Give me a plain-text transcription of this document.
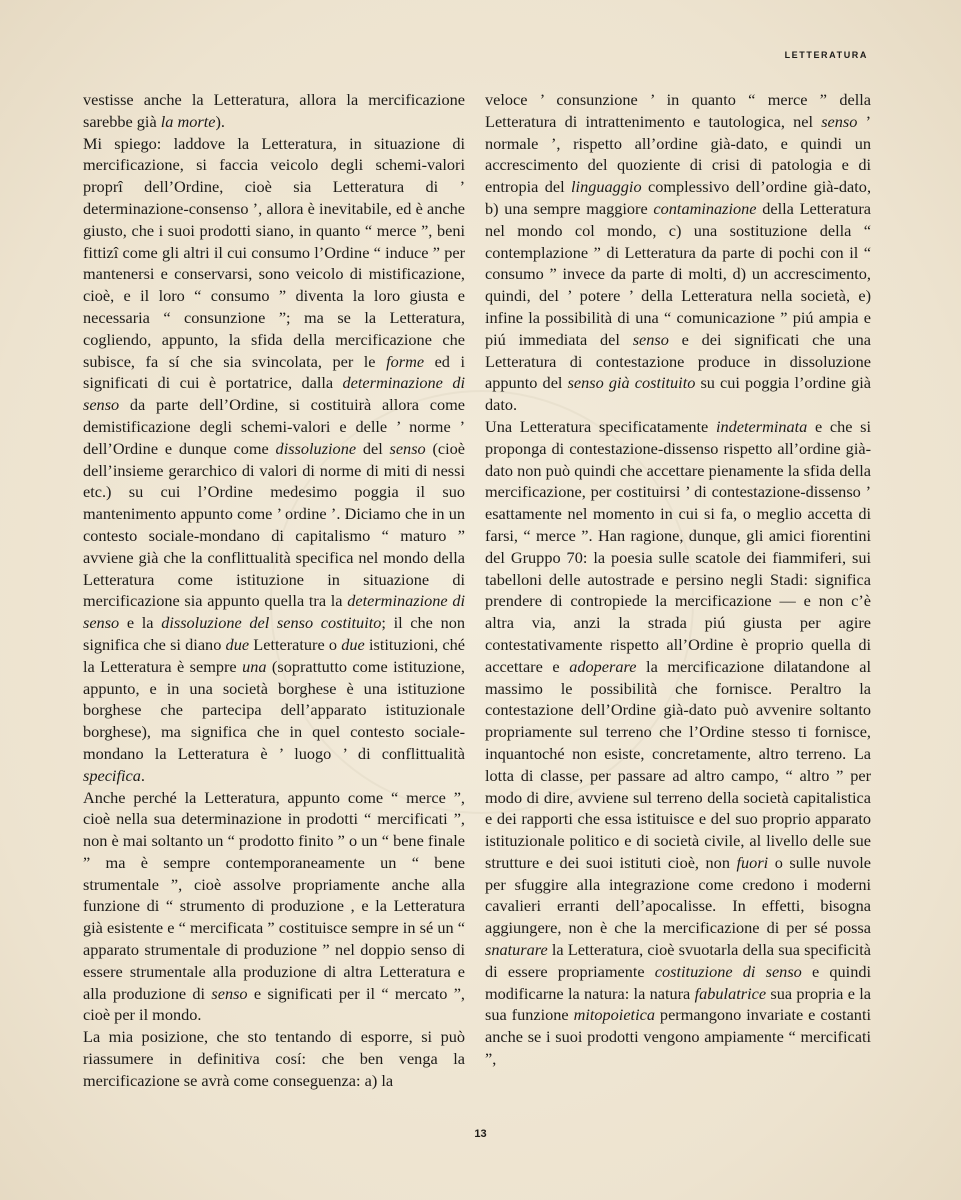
LETTERATURA

vestisse anche la Letteratura, allora la mercificazione sarebbe già la morte).

Mi spiego: laddove la Letteratura, in situazione di mercificazione, si faccia veicolo degli schemi-valori proprî dell’Ordine, cioè sia Letteratura di ’ determinazione-consenso ’, allora è inevitabile, ed è anche giusto, che i suoi prodotti siano, in quanto “ merce ”, beni fittizî come gli altri il cui consumo l’Ordine “ induce ” per mantenersi e conservarsi, sono veicolo di mistificazione, cioè, e il loro “ consumo ” diventa la loro giusta e necessaria “ consunzione ”; ma se la Letteratura, cogliendo, appunto, la sfida della mercificazione che subisce, fa sí che sia svincolata, per le forme ed i significati di cui è portatrice, dalla determinazione di senso da parte dell’Ordine, si costituirà allora come demistificazione degli schemi-valori e delle ’ norme ’ dell’Ordine e dunque come dissoluzione del senso (cioè dell’insieme gerarchico di valori di norme di miti di nessi etc.) su cui l’Ordine medesimo poggia il suo mantenimento appunto come ’ ordine ’. Diciamo che in un contesto sociale-mondano di capitalismo “ maturo ” avviene già che la conflittualità specifica nel mondo della Letteratura come istituzione in situazione di mercificazione sia appunto quella tra la determinazione di senso e la dissoluzione del senso costituito; il che non significa che si diano due Letterature o due istituzioni, ché la Letteratura è sempre una (soprattutto come istituzione, appunto, e in una società borghese è una istituzione borghese che partecipa dell’apparato istituzionale borghese), ma significa che in quel contesto sociale-mondano la Letteratura è ’ luogo ’ di conflittualità specifica.

Anche perché la Letteratura, appunto come “ merce ”, cioè nella sua determinazione in prodotti “ mercificati ”, non è mai soltanto un “ prodotto finito ” o un “ bene finale ” ma è sempre contemporaneamente un “ bene strumentale ”, cioè assolve propriamente anche alla funzione di “ strumento di produzione , e la Letteratura già esistente e “ mercificata ” costituisce sempre in sé un “ apparato strumentale di produzione ” nel doppio senso di essere strumentale alla produzione di altra Letteratura e alla produzione di senso e significati per il “ mercato ”, cioè per il mondo.

La mia posizione, che sto tentando di esporre, si può riassumere in definitiva cosí: che ben venga la mercificazione se avrà come conseguenza: a) la

veloce ’ consunzione ’ in quanto “ merce ” della Letteratura di intrattenimento e tautologica, nel senso ’ normale ’, rispetto all’ordine già-dato, e quindi un accrescimento del quoziente di crisi di patologia e di entropia del linguaggio complessivo dell’ordine già-dato, b) una sempre maggiore contaminazione della Letteratura nel mondo col mondo, c) una sostituzione della “ contemplazione ” di Letteratura da parte di pochi con il “ consumo ” invece da parte di molti, d) un accrescimento, quindi, del ’ potere ’ della Letteratura nella società, e) infine la possibilità di una “ comunicazione ” piú ampia e piú immediata del senso e dei significati che una Letteratura di contestazione produce in dissoluzione appunto del senso già costituito su cui poggia l’ordine già dato.

Una Letteratura specificatamente indeterminata e che si proponga di contestazione-dissenso rispetto all’ordine già-dato non può quindi che accettare pienamente la sfida della mercificazione, per costituirsi ’ di contestazione-dissenso ’ esattamente nel momento in cui si fa, o meglio accetta di farsi, “ merce ”. Han ragione, dunque, gli amici fiorentini del Gruppo 70: la poesia sulle scatole dei fiammiferi, sui tabelloni delle autostrade e persino negli Stadi: significa prendere di contropiede la mercificazione — e non c’è altra via, anzi la strada piú giusta per agire contestativamente rispetto all’Ordine è proprio quella di accettare e adoperare la mercificazione dilatandone al massimo le possibilità che fornisce. Peraltro la contestazione dell’Ordine già-dato può avvenire soltanto propriamente sul terreno che l’Ordine stesso ti fornisce, inquantoché non esiste, concretamente, altro terreno. La lotta di classe, per passare ad altro campo, “ altro ” per modo di dire, avviene sul terreno della società capitalistica e dei rapporti che essa istituisce e del suo proprio apparato istituzionale politico e di società civile, al livello delle sue strutture e dei suoi istituti cioè, non fuori o sulle nuvole per sfuggire alla integrazione come credono i moderni cavalieri erranti dell’apocalisse. In effetti, bisogna aggiungere, non è che la mercificazione di per sé possa snaturare la Letteratura, cioè svuotarla della sua specificità di essere propriamente costituzione di senso e quindi modificarne la natura: la natura fabulatrice sua propria e la sua funzione mitopoietica permangono invariate e costanti anche se i suoi prodotti vengono ampiamente “ mercificati ”,

13
